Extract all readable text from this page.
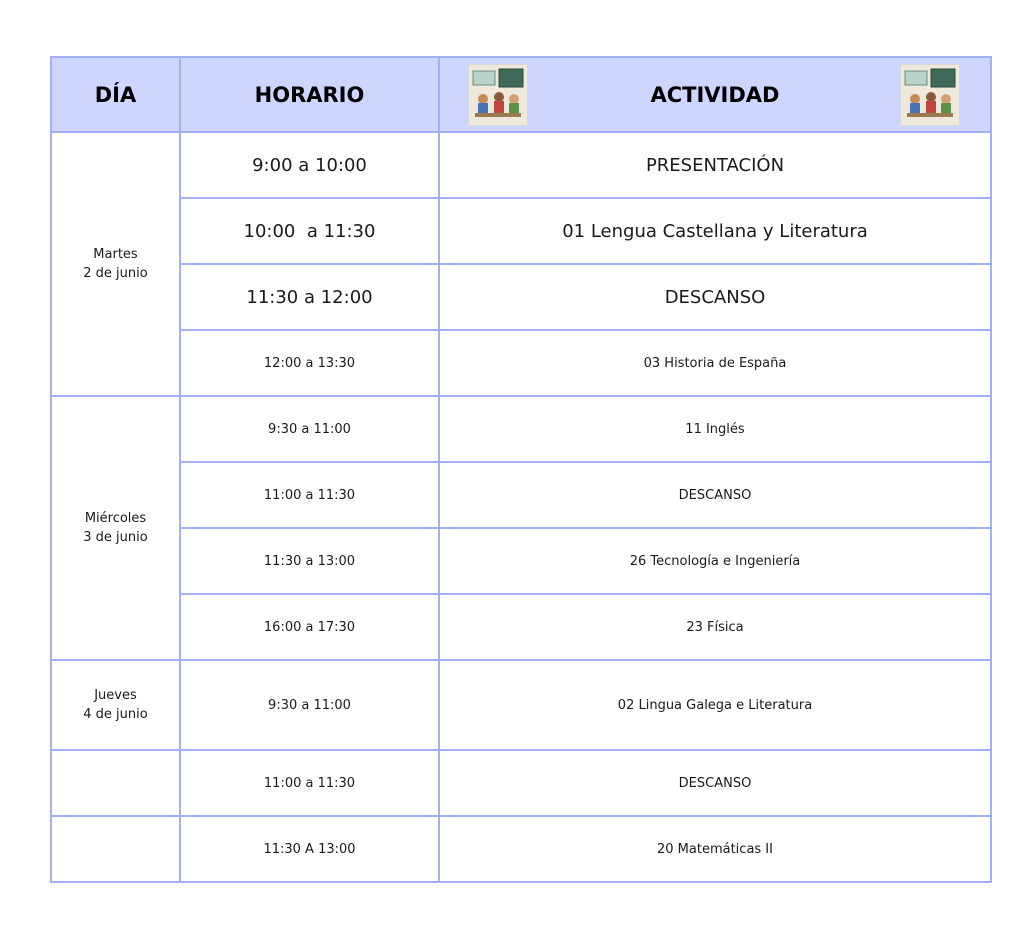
DÍA	HORARIO	ACTIVIDAD

Martes
2 de junio	9:00 a 10:00	PRESENTACIÓN
	10:00  a 11:30	01 Lengua Castellana y Literatura
	11:30 a 12:00	DESCANSO
	12:00 a 13:30	03 Historia de España
Miércoles
3 de junio	9:30 a 11:00	11 Inglés
	11:00 a 11:30	DESCANSO
	11:30 a 13:00	26 Tecnología e Ingeniería
	16:00 a 17:30	23 Física
Jueves
4 de junio	9:30 a 11:00	02 Lingua Galega e Literatura
	11:00 a 11:30	DESCANSO
	11:30 A 13:00	20 Matemáticas II
